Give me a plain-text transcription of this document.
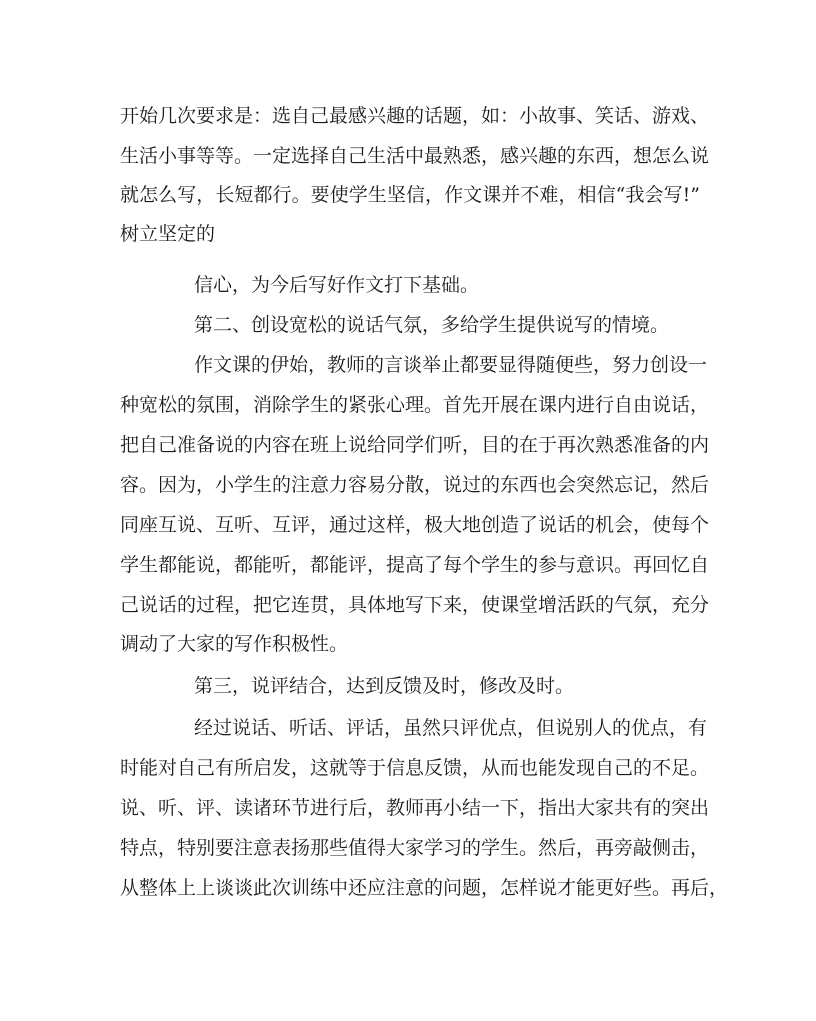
开始几次要求是：选自己最感兴趣的话题，如：小故事、笑话、游戏、
生活小事等等。一定选择自己生活中最熟悉，感兴趣的东西，想怎么说
就怎么写，长短都行。要使学生坚信，作文课并不难，相信“我会写!”
树立坚定的
信心，为今后写好作文打下基础。
第二、创设宽松的说话气氛，多给学生提供说写的情境。
作文课的伊始，教师的言谈举止都要显得随便些，努力创设一
种宽松的氛围，消除学生的紧张心理。首先开展在课内进行自由说话，
把自己准备说的内容在班上说给同学们听，目的在于再次熟悉准备的内
容。因为，小学生的注意力容易分散，说过的东西也会突然忘记，然后
同座互说、互听、互评，通过这样，极大地创造了说话的机会，使每个
学生都能说，都能听，都能评，提高了每个学生的参与意识。再回忆自
己说话的过程，把它连贯，具体地写下来，使课堂增活跃的气氛，充分
调动了大家的写作积极性。
第三，说评结合，达到反馈及时，修改及时。
经过说话、听话、评话，虽然只评优点，但说别人的优点，有
时能对自己有所启发，这就等于信息反馈，从而也能发现自己的不足。
说、听、评、读诸环节进行后，教师再小结一下，指出大家共有的突出
特点，特别要注意表扬那些值得大家学习的学生。然后，再旁敲侧击，
从整体上上谈谈此次训练中还应注意的问题，怎样说才能更好些。再后，
